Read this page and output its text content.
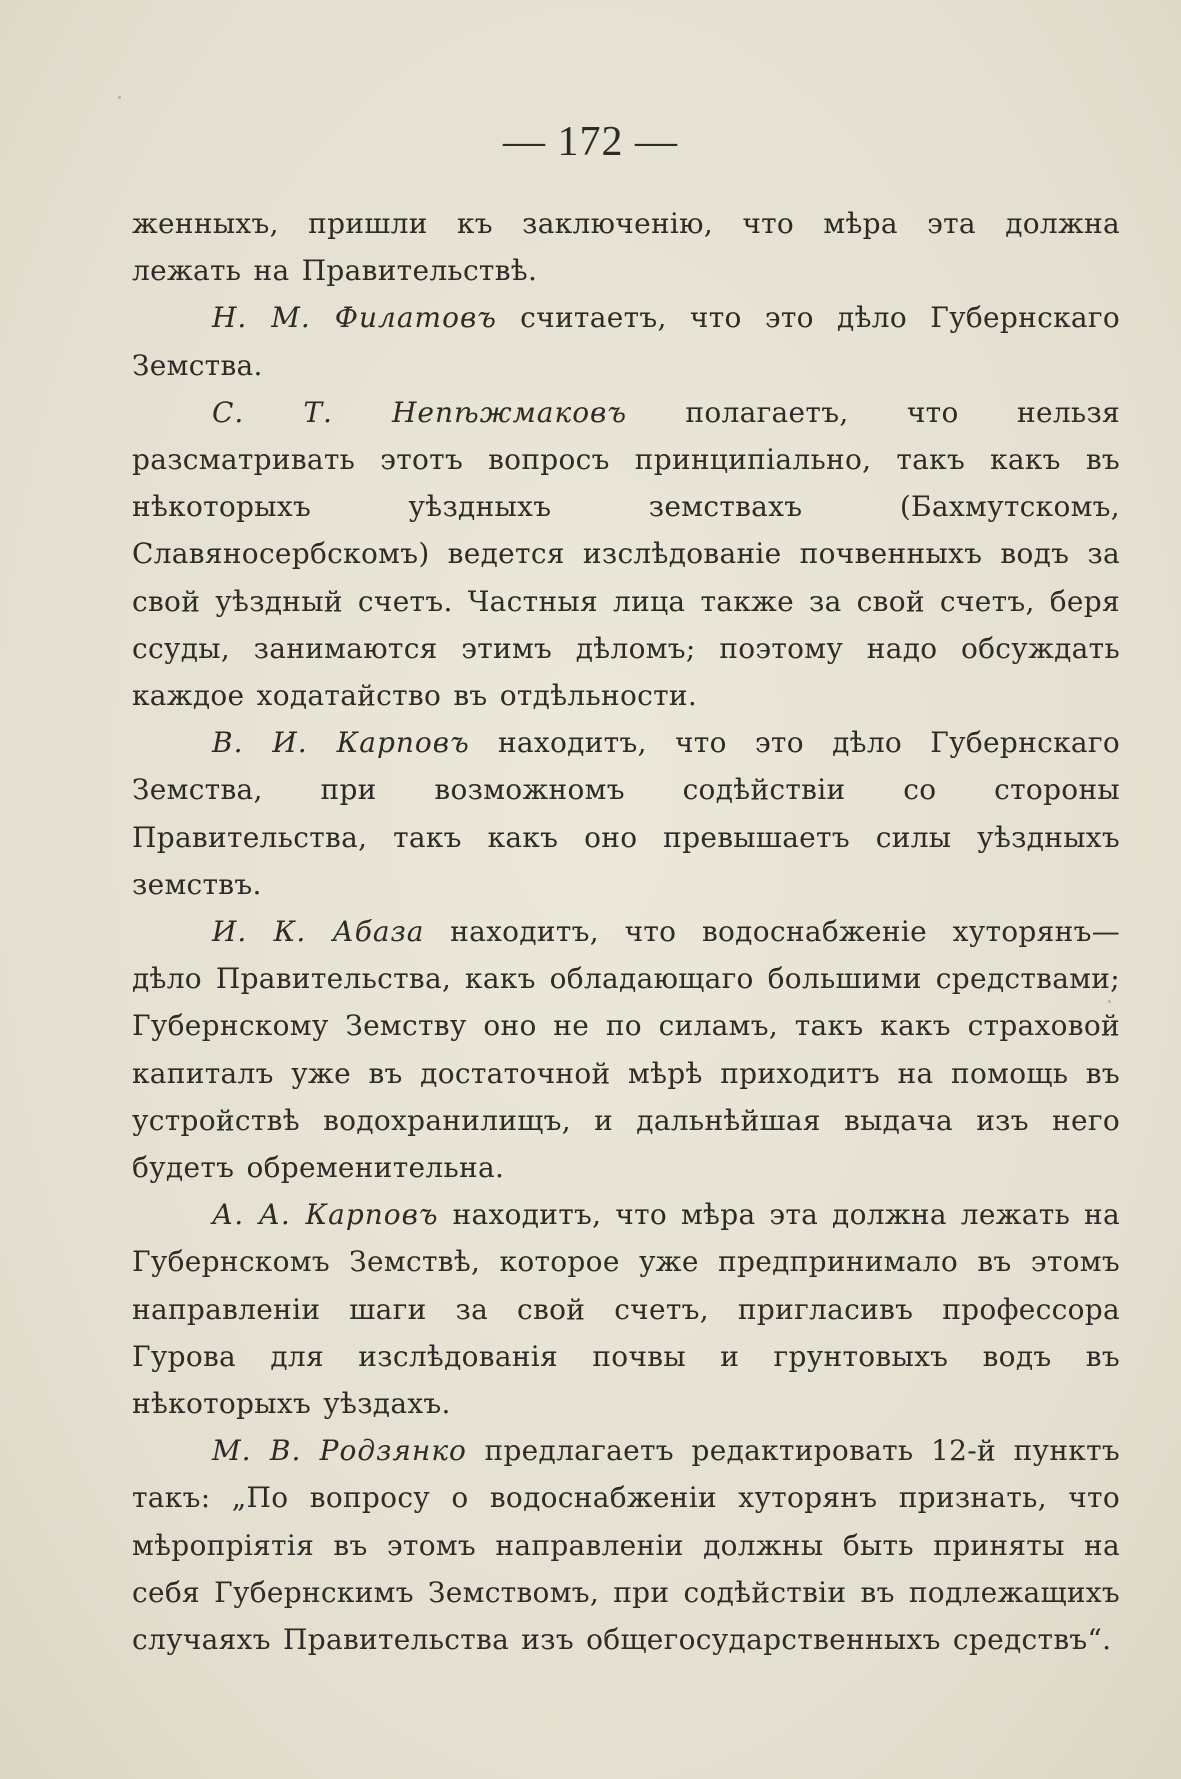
— 172 —

женныхъ, пришли къ заключенію, что мѣра эта должна лежать на Правительствѣ.

Н. М. Филатовъ считаетъ, что это дѣло Губернскаго Земства.

С. Т. Непѣжмаковъ полагаетъ, что нельзя разсматривать этотъ вопросъ принципіально, такъ какъ въ нѣкоторыхъ уѣздныхъ земствахъ (Бахмутскомъ, Славяносербскомъ) ведется изслѣдованіе почвенныхъ водъ за свой уѣздный счетъ. Частныя лица также за свой счетъ, беря ссуды, занимаются этимъ дѣломъ; поэтому надо обсуждать каждое ходатайство въ отдѣльности.

В. И. Карповъ находитъ, что это дѣло Губернскаго Земства, при возможномъ содѣйствіи со стороны Правительства, такъ какъ оно превышаетъ силы уѣздныхъ земствъ.

И. К. Абаза находитъ, что водоснабженіе хуторянъ— дѣло Правительства, какъ обладающаго большими средствами; Губернскому Земству оно не по силамъ, такъ какъ страховой капиталъ уже въ достаточной мѣрѣ приходитъ на помощь въ устройствѣ водохранилищъ, и дальнѣйшая выдача изъ него будетъ обременительна.

А. А. Карповъ находитъ, что мѣра эта должна лежать на Губернскомъ Земствѣ, которое уже предпринимало въ этомъ направленіи шаги за свой счетъ, пригласивъ профессора Гурова для изслѣдованія почвы и грунтовыхъ водъ въ нѣкоторыхъ уѣздахъ.

М. В. Родзянко предлагаетъ редактировать 12-й пунктъ такъ: „По вопросу о водоснабженіи хуторянъ признать, что мѣропріятія въ этомъ направленіи должны быть приняты на себя Губернскимъ Земствомъ, при содѣйствіи въ подлежащихъ случаяхъ Правительства изъ общегосударственныхъ средствъ“.
